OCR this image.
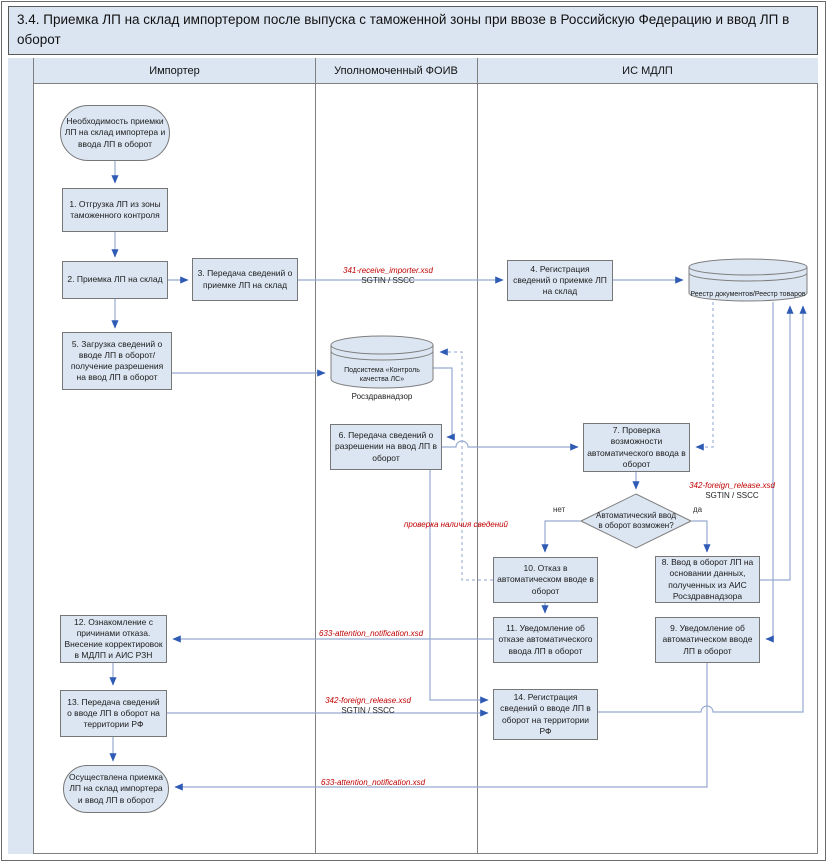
3.4. Приемка ЛП на склад импортером после выпуска с таможенной зоны при ввозе в Российскую Федерацию и ввод ЛП в оборот
Импортер	Уполномоченный ФОИВ	ИС МДЛП
Необходимость приемки ЛП на склад импортера и ввода ЛП в оборот
1. Отгрузка ЛП из зоны таможенного контроля
2. Приемка ЛП на склад
3. Передача сведений о приемке ЛП на склад
5. Загрузка сведений о вводе ЛП в оборот/ получение разрешения на ввод ЛП в оборот
12. Ознакомление с причинами отказа. Внесение корректировок в МДЛП и АИС РЗН
13. Передача сведений о вводе ЛП в оборот на территории РФ
Осуществлена приемка ЛП на склад импортера и ввод ЛП в оборот
Подсистема «Контроль качества ЛС»
Росздравнадзор
6. Передача сведений о разрешении на ввод ЛП в оборот
4. Регистрация сведений о приемке ЛП на склад	Реестр документов/Реестр товаров
7. Проверка возможности автоматического ввода в оборот
Автоматический ввод в оборот возможен?
10. Отказ в автоматическом вводе в оборот
8. Ввод в оборот ЛП на основании данных, полученных из АИС Росздравнадзора
11. Уведомление об отказе автоматического ввода ЛП в оборот
9. Уведомление об автоматическом вводе ЛП в оборот
14. Регистрация сведений о вводе ЛП в оборот на территории РФ
341-receive_importer.xsd
SGTIN / SSCC
342-foreign_release.xsd
SGTIN / SSCC
проверка наличия сведений
633-attention_notification.xsd
342-foreign_release.xsd
SGTIN / SSCC
633-attention_notification.xsd
нет	да
